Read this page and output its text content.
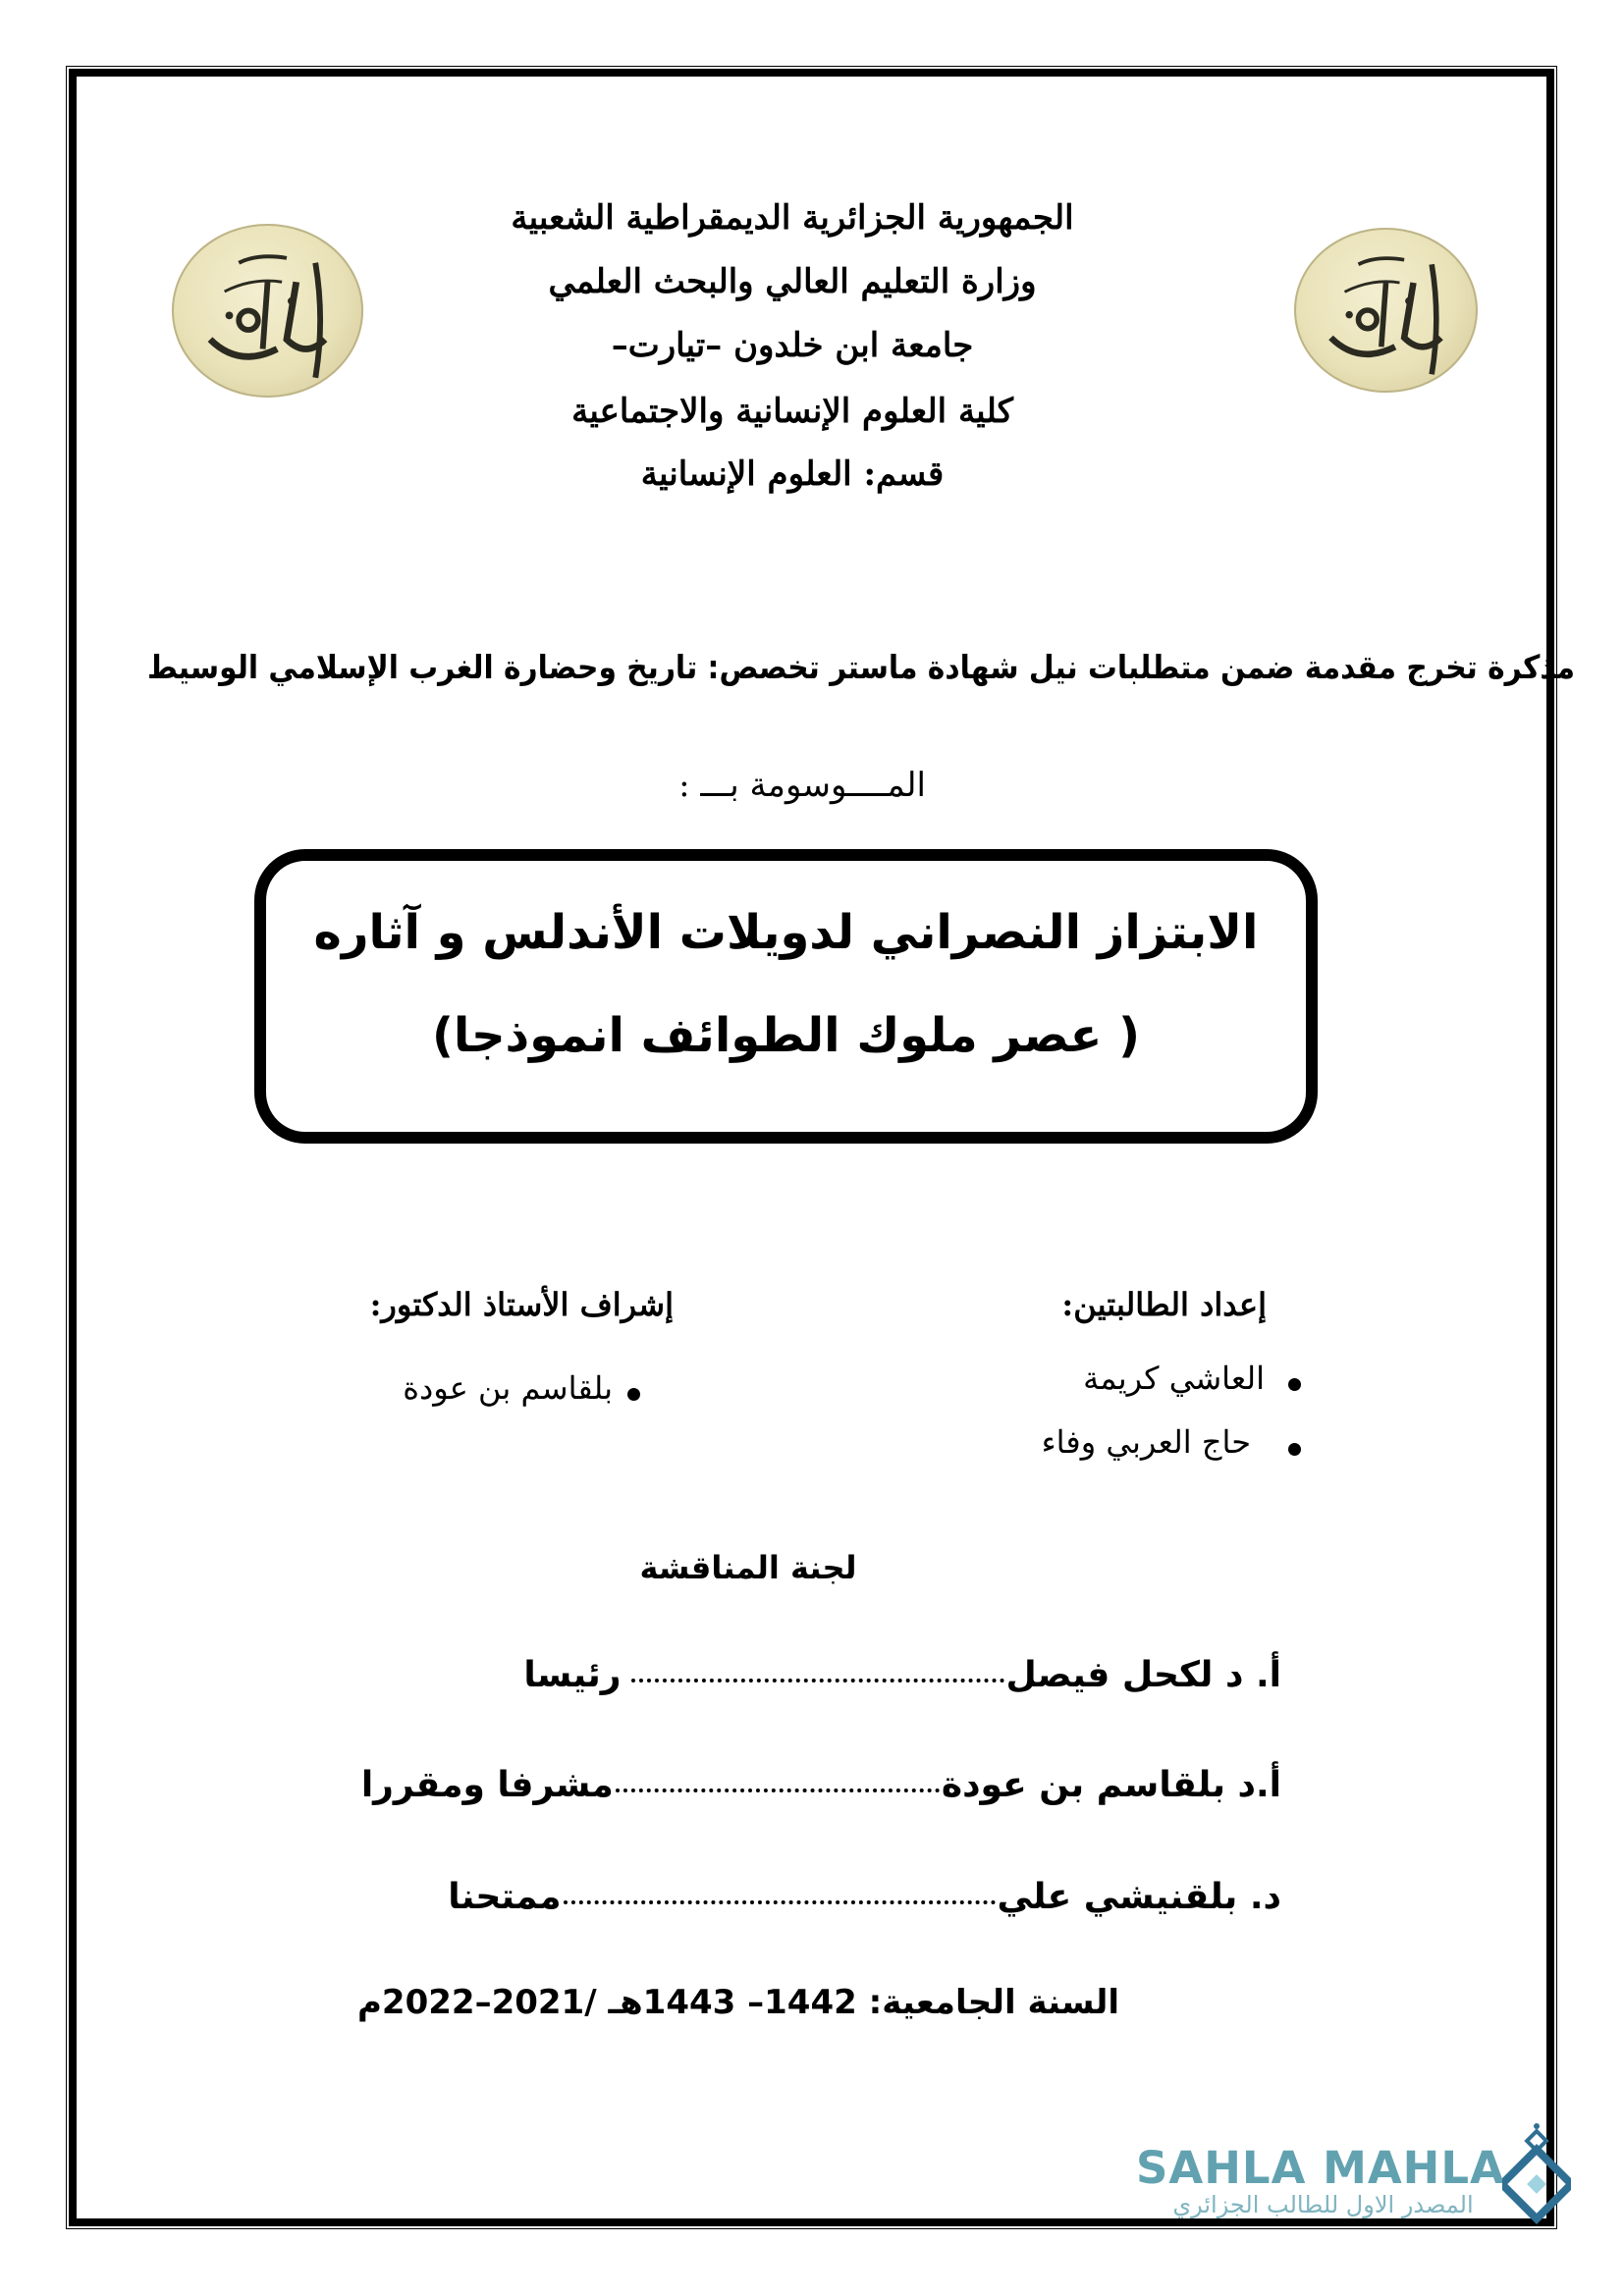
الجمهورية الجزائرية الديمقراطية الشعبية
وزارة التعليم العالي والبحث العلمي
جامعة ابن خلدون –تيارت–
كلية العلوم الإنسانية والاجتماعية
قسم: العلوم الإنسانية
مذكرة تخرج مقدمة ضمن متطلبات نيل شهادة ماستر تخصص: تاريخ وحضارة الغرب الإسلامي الوسيط
المــــوسومة بـــ :
الابتزاز النصراني لدويلات الأندلس و آثاره
( عصر ملوك الطوائف انموذجا)
إعداد الطالبتين:
العاشي كريمة
حاج العربي وفاء
إشراف الأستاذ الدكتور:
بلقاسم بن عودة
لجنة المناقشة
أ. د لكحل فيصل
رئيسا
أ.د بلقاسم بن عودة
مشرفا ومقررا
د. بلقنيشي علي
ممتحنا
السنة الجامعية: 1442– 1443هـ /2021–2022م
SAHLA MAHLA
المصدر الاول للطالب الجزائري
